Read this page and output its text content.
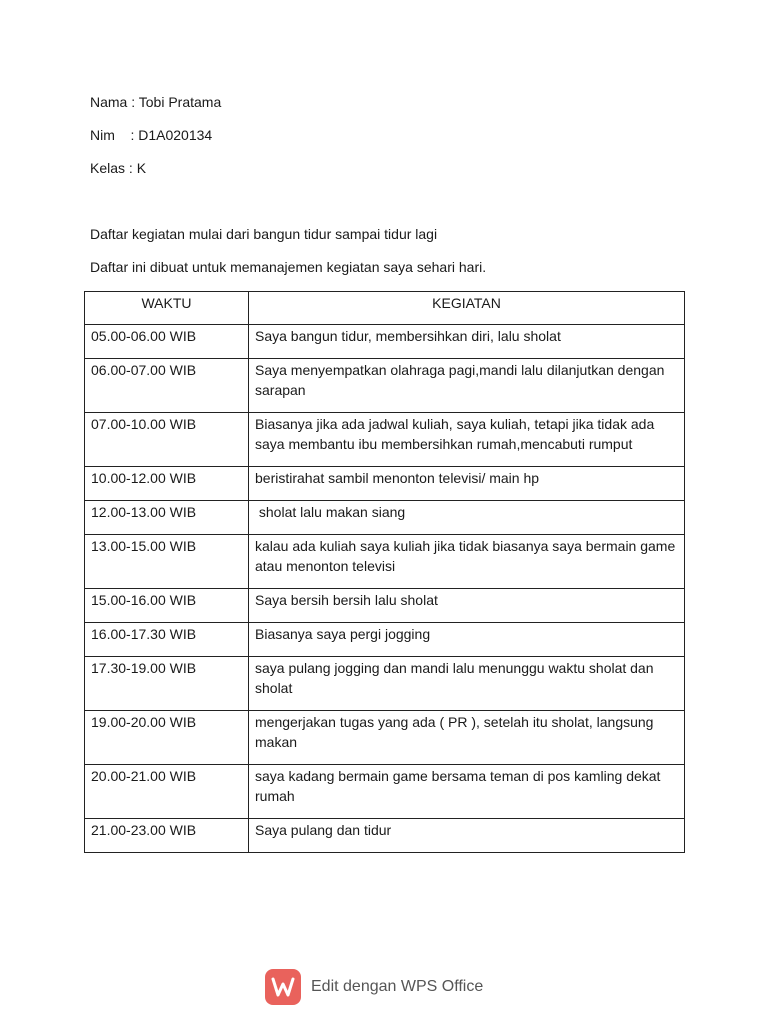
Nama : Tobi Pratama
Nim    : D1A020134
Kelas : K
Daftar kegiatan mulai dari bangun tidur sampai tidur lagi
Daftar ini dibuat untuk memanajemen kegiatan saya sehari hari.
WAKTU	KEGIATAN
05.00-06.00 WIB	Saya bangun tidur, membersihkan diri, lalu sholat
06.00-07.00 WIB	Saya menyempatkan olahraga pagi,mandi lalu dilanjutkan dengan sarapan
07.00-10.00 WIB	Biasanya jika ada jadwal kuliah, saya kuliah, tetapi jika tidak ada saya membantu ibu membersihkan rumah,mencabuti rumput
10.00-12.00 WIB	beristirahat sambil menonton televisi/ main hp
12.00-13.00 WIB	sholat lalu makan siang
13.00-15.00 WIB	kalau ada kuliah saya kuliah jika tidak biasanya saya bermain game atau menonton televisi
15.00-16.00 WIB	Saya bersih bersih lalu sholat
16.00-17.30 WIB	Biasanya saya pergi jogging
17.30-19.00 WIB	saya pulang jogging dan mandi lalu menunggu waktu sholat dan sholat
19.00-20.00 WIB	mengerjakan tugas yang ada ( PR ), setelah itu sholat, langsung makan
20.00-21.00 WIB	saya kadang bermain game bersama teman di pos kamling dekat rumah
21.00-23.00 WIB	Saya pulang dan tidur
Edit dengan WPS Office
